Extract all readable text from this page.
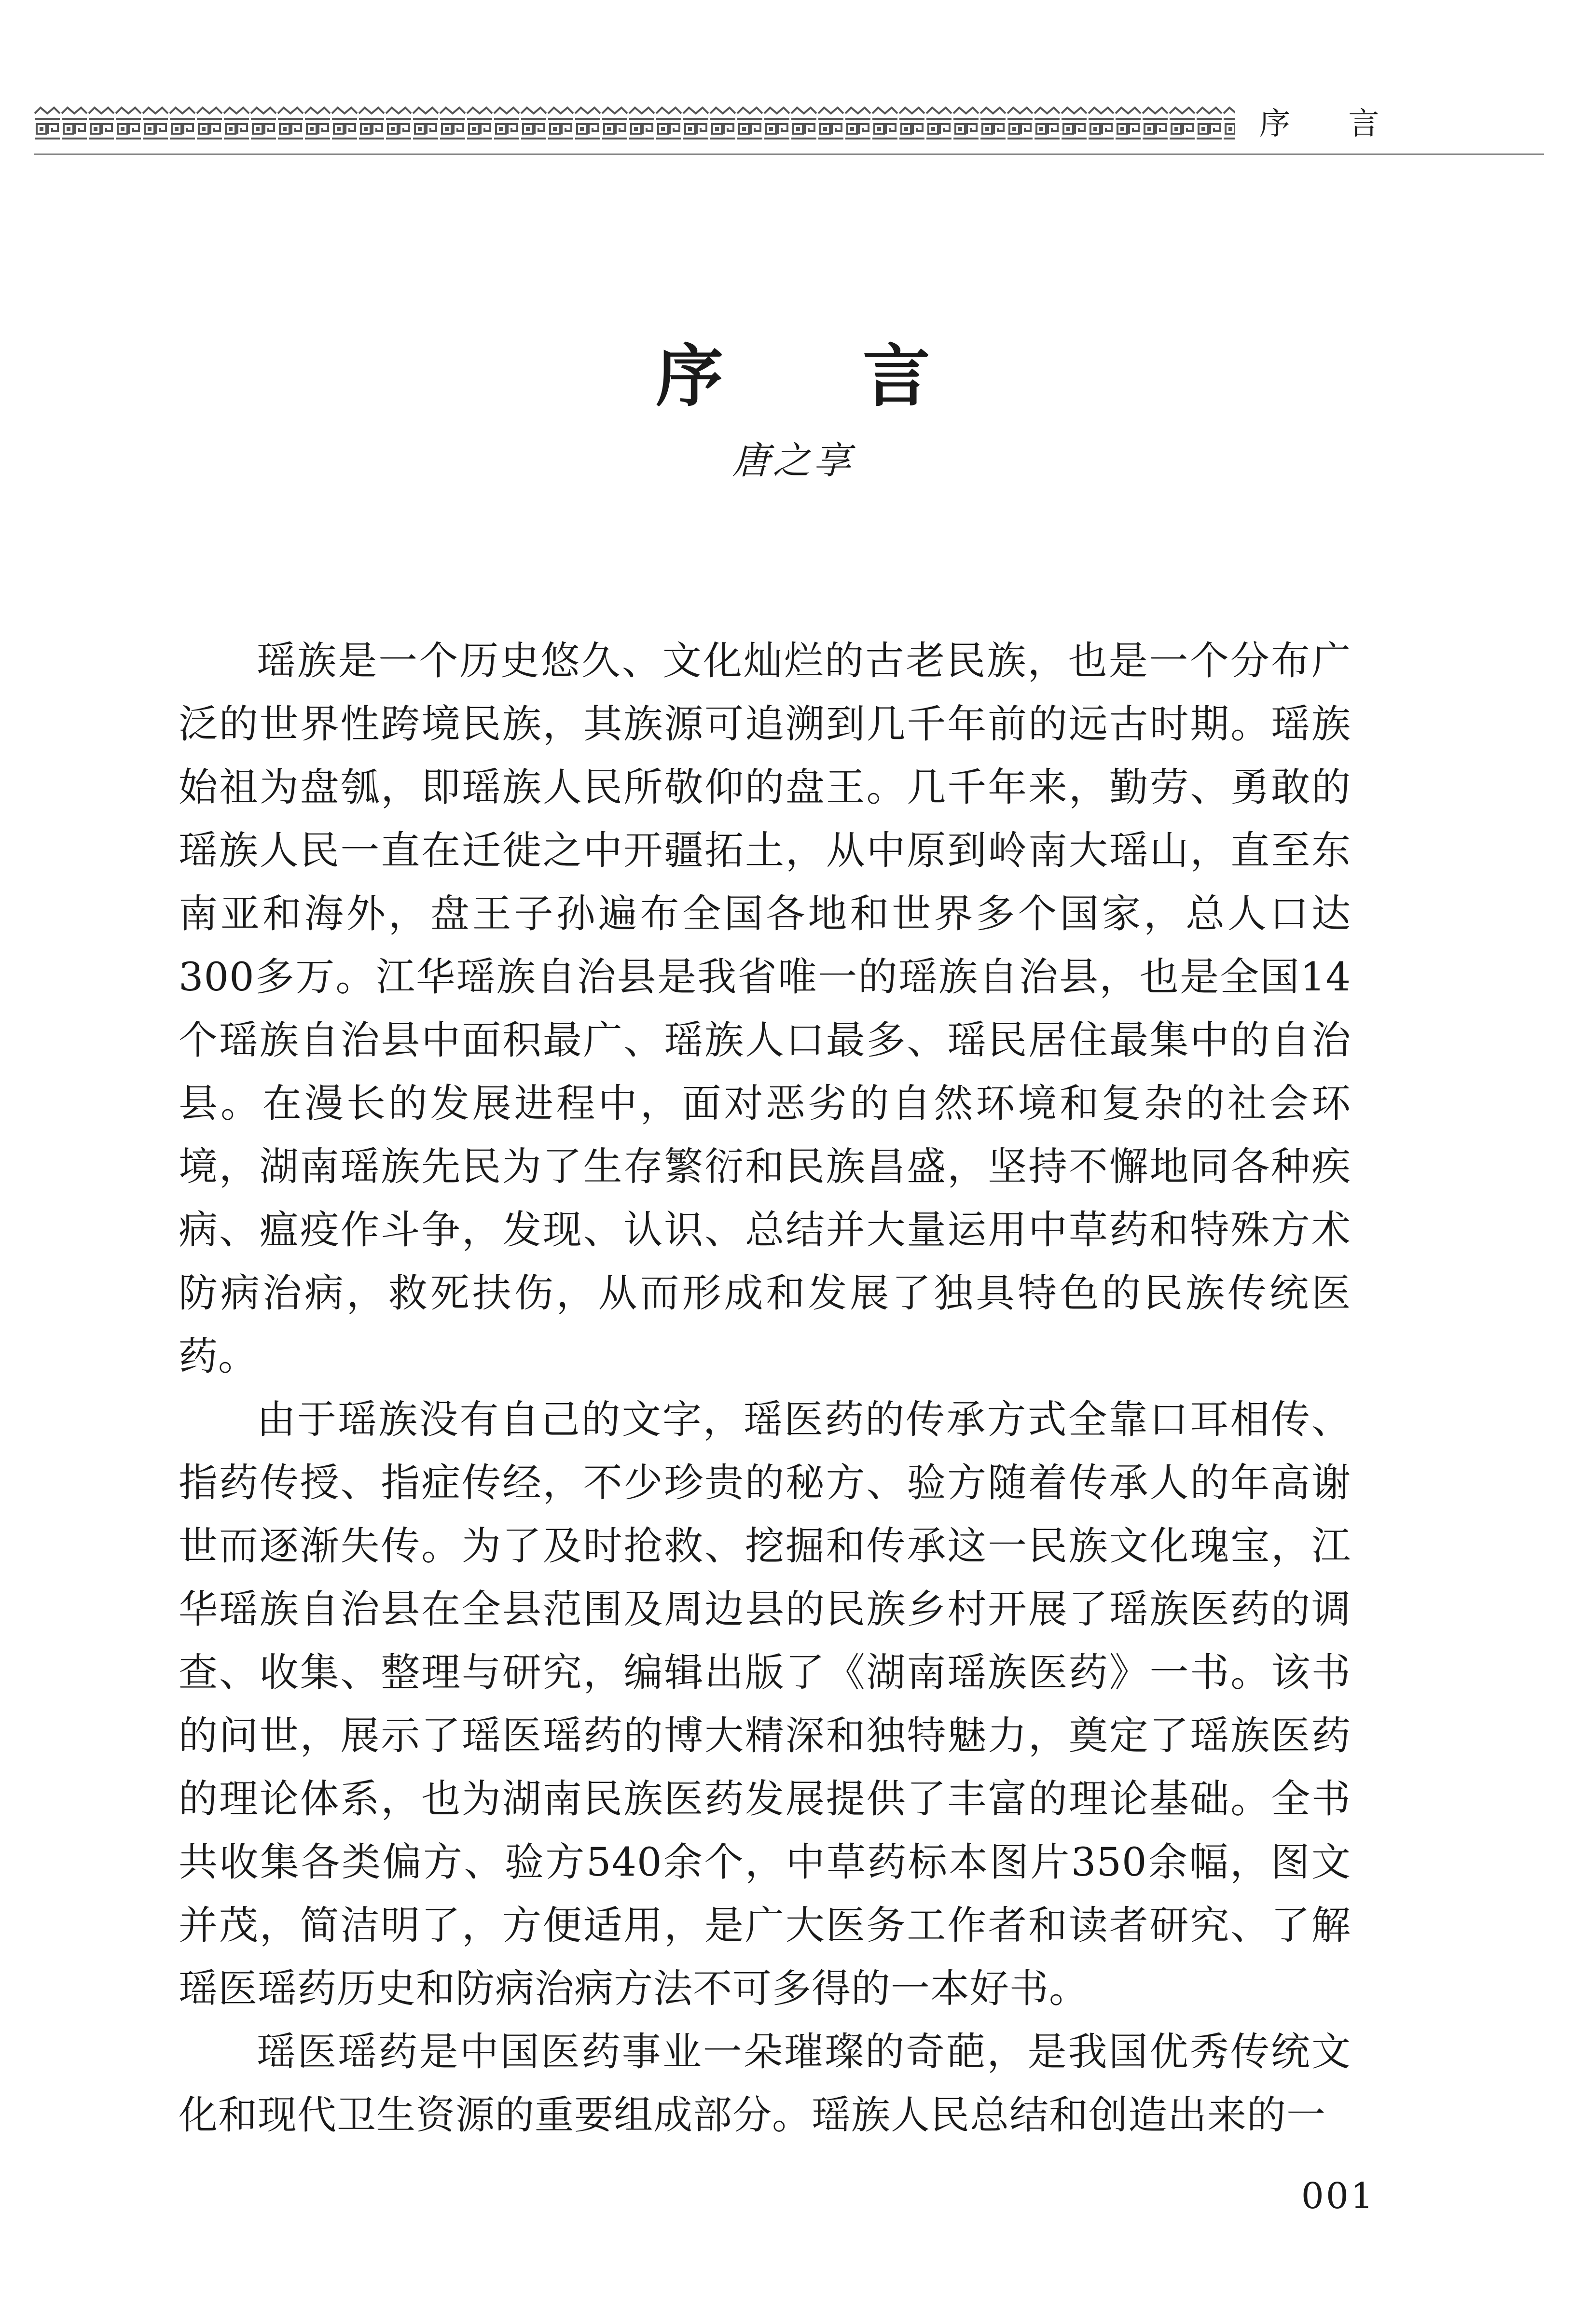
序 言
序 言
唐之享

瑶族是一个历史悠久、文化灿烂的古老民族，也是一个分布广泛的世界性跨境民族，其族源可追溯到几千年前的远古时期。瑶族始祖为盘瓠，即瑶族人民所敬仰的盘王。几千年来，勤劳、勇敢的瑶族人民一直在迁徙之中开疆拓土，从中原到岭南大瑶山，直至东南亚和海外，盘王子孙遍布全国各地和世界多个国家，总人口达300多万。江华瑶族自治县是我省唯一的瑶族自治县，也是全国14个瑶族自治县中面积最广、瑶族人口最多、瑶民居住最集中的自治县。在漫长的发展进程中，面对恶劣的自然环境和复杂的社会环境，湖南瑶族先民为了生存繁衍和民族昌盛，坚持不懈地同各种疾病、瘟疫作斗争，发现、认识、总结并大量运用中草药和特殊方术防病治病，救死扶伤，从而形成和发展了独具特色的民族传统医药。

由于瑶族没有自己的文字，瑶医药的传承方式全靠口耳相传、指药传授、指症传经，不少珍贵的秘方、验方随着传承人的年高谢世而逐渐失传。为了及时抢救、挖掘和传承这一民族文化瑰宝，江华瑶族自治县在全县范围及周边县的民族乡村开展了瑶族医药的调查、收集、整理与研究，编辑出版了《湖南瑶族医药》一书。该书的问世，展示了瑶医瑶药的博大精深和独特魅力，奠定了瑶族医药的理论体系，也为湖南民族医药发展提供了丰富的理论基础。全书共收集各类偏方、验方540余个，中草药标本图片350余幅，图文并茂，简洁明了，方便适用，是广大医务工作者和读者研究、了解瑶医瑶药历史和防病治病方法不可多得的一本好书。

瑶医瑶药是中国医药事业一朵璀璨的奇葩，是我国优秀传统文化和现代卫生资源的重要组成部分。瑶族人民总结和创造出来的一

001
